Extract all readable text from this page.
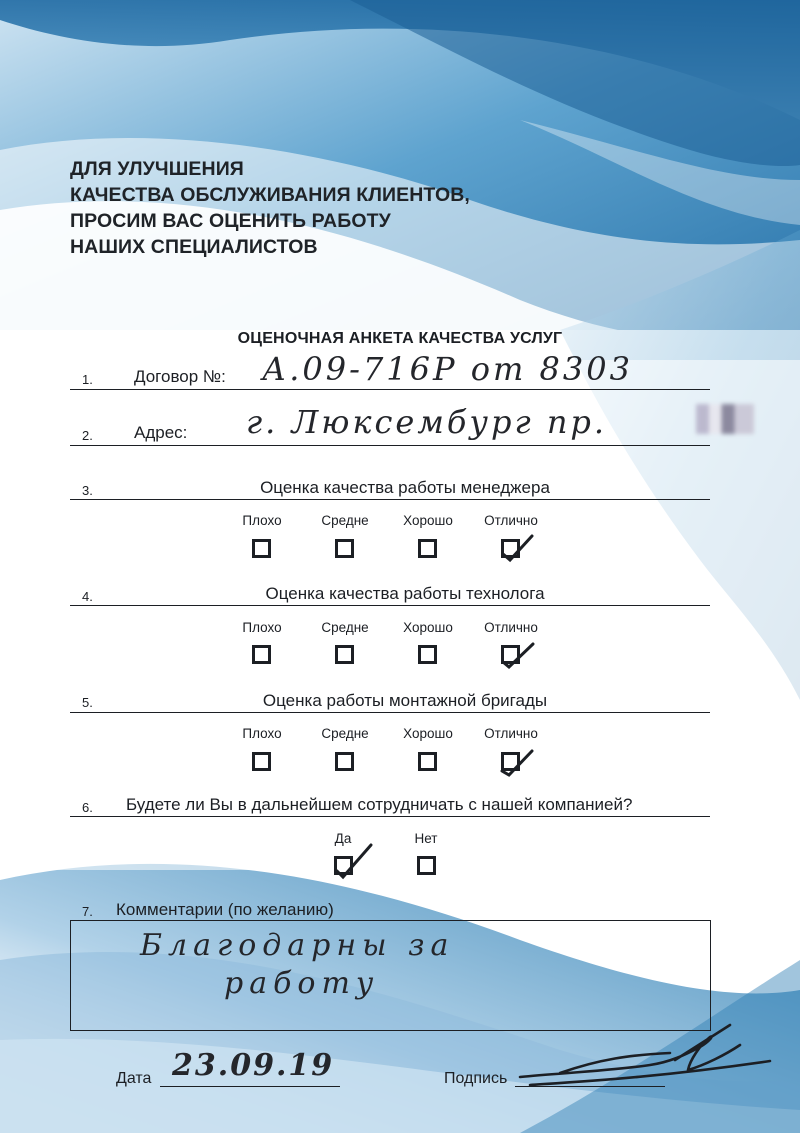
ДЛЯ УЛУЧШЕНИЯ
КАЧЕСТВА ОБСЛУЖИВАНИЯ КЛИЕНТОВ,
ПРОСИМ ВАС ОЦЕНИТЬ РАБОТУ
НАШИХ СПЕЦИАЛИСТОВ
ОЦЕНОЧНАЯ АНКЕТА КАЧЕСТВА УСЛУГ
1.	Договор №: А.09-716Р от 8303
2.	Адрес: г. Люксембург пр.
3.	Оценка качества работы менеджера
Плохо	Средне	Хорошо	Отлично
4.	Оценка качества работы технолога
Плохо	Средне	Хорошо	Отлично
5.	Оценка работы монтажной бригады
Плохо	Средне	Хорошо	Отлично
6.	Будете ли Вы в дальнейшем сотрудничать с нашей компанией?
Да	Нет
7.	Комментарии (по желанию)
Благодарны за
работу
Дата 23.09.19	Подпись
